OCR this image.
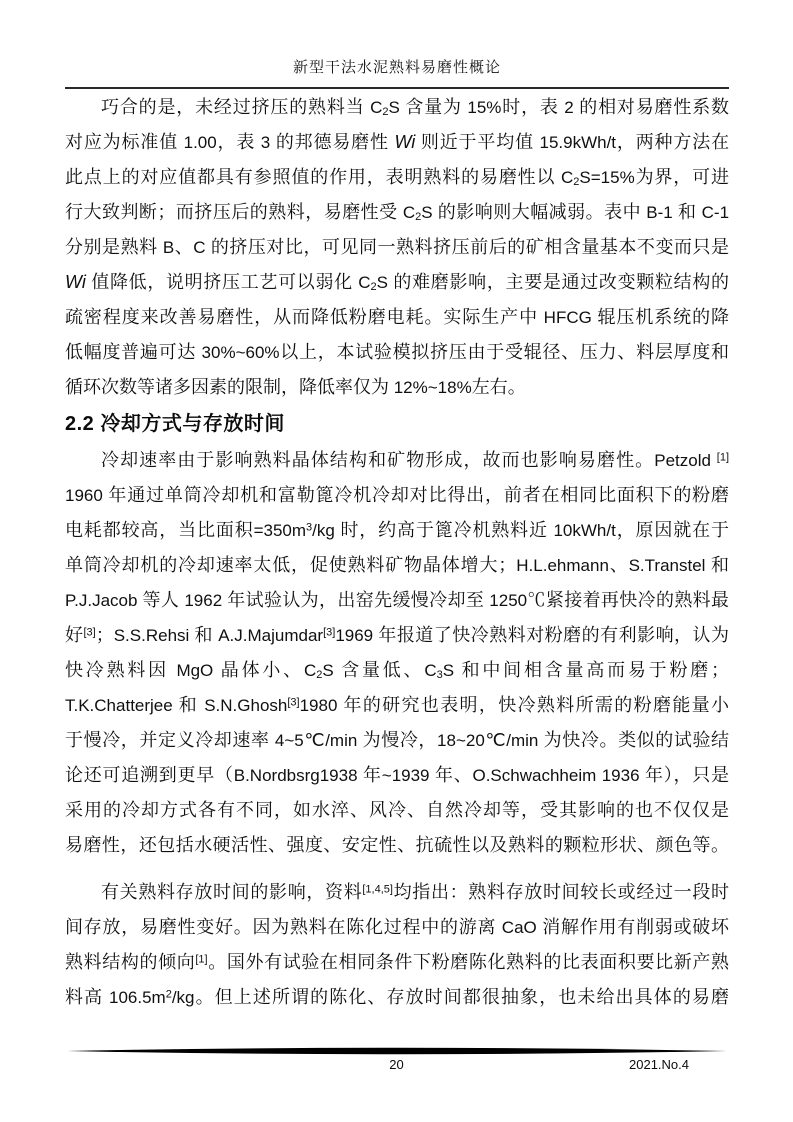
新型干法水泥熟料易磨性概论
巧合的是，未经过挤压的熟料当 $C_2S$ 含量为 15%时，表 2 的相对易磨性系数
对应为标准值 1.00，表 3 的邦德易磨性 Wi 则近于平均值 15.9kWh/t，两种方法在
此点上的对应值都具有参照值的作用，表明熟料的易磨性以 $C_2S=15\%$为界，可进
行大致判断；而挤压后的熟料，易磨性受 $C_2S$ 的影响则大幅减弱。表中 B-1 和 C-1
分别是熟料 B、C 的挤压对比，可见同一熟料挤压前后的矿相含量基本不变而只是
Wi 值降低，说明挤压工艺可以弱化 $C_2S$ 的难磨影响，主要是通过改变颗粒结构的
疏密程度来改善易磨性，从而降低粉磨电耗。实际生产中 HFCG 辊压机系统的降
低幅度普遍可达 30%~60%以上，本试验模拟挤压由于受辊径、压力、料层厚度和
循环次数等诸多因素的限制，降低率仅为 12%~18%左右。
2.2 冷却方式与存放时间
冷却速率由于影响熟料晶体结构和矿物形成，故而也影响易磨性。Petzold [1]
1960 年通过单筒冷却机和富勒篦冷机冷却对比得出，前者在相同比面积下的粉磨
电耗都较高，当比面积$=350m^3/kg$ 时，约高于篦冷机熟料近 10kWh/t，原因就在于
单筒冷却机的冷却速率太低，促使熟料矿物晶体增大；H.L.ehmann、S.Transtel 和
P.J.Jacob 等人 1962 年试验认为，出窑先缓慢冷却至 1250℃紧接着再快冷的熟料最
好[3]；S.S.Rehsi 和 A.J.Majumdar[3]1969 年报道了快冷熟料对粉磨的有利影响，认为
快冷熟料因 MgO 晶体小、$C_2S$ 含量低、$C_3S$ 和中间相含量高而易于粉磨；
T.K.Chatterjee 和 S.N.Ghosh[3]1980 年的研究也表明，快冷熟料所需的粉磨能量小
于慢冷，并定义冷却速率 4~5℃/min 为慢冷，18~20℃/min 为快冷。类似的试验结
论还可追溯到更早（B.Nordbsrg1938 年~1939 年、O.Schwachheim 1936 年），只是
采用的冷却方式各有不同，如水淬、风冷、自然冷却等，受其影响的也不仅仅是
易磨性，还包括水硬活性、强度、安定性、抗硫性以及熟料的颗粒形状、颜色等。
有关熟料存放时间的影响，资料[1,4,5]均指出：熟料存放时间较长或经过一段时
间存放，易磨性变好。因为熟料在陈化过程中的游离 CaO 消解作用有削弱或破坏
熟料结构的倾向[1]。国外有试验在相同条件下粉磨陈化熟料的比表面积要比新产熟
料高 $106.5m^2/kg$。但上述所谓的陈化、存放时间都很抽象，也未给出具体的易磨
20	2021.No.4
